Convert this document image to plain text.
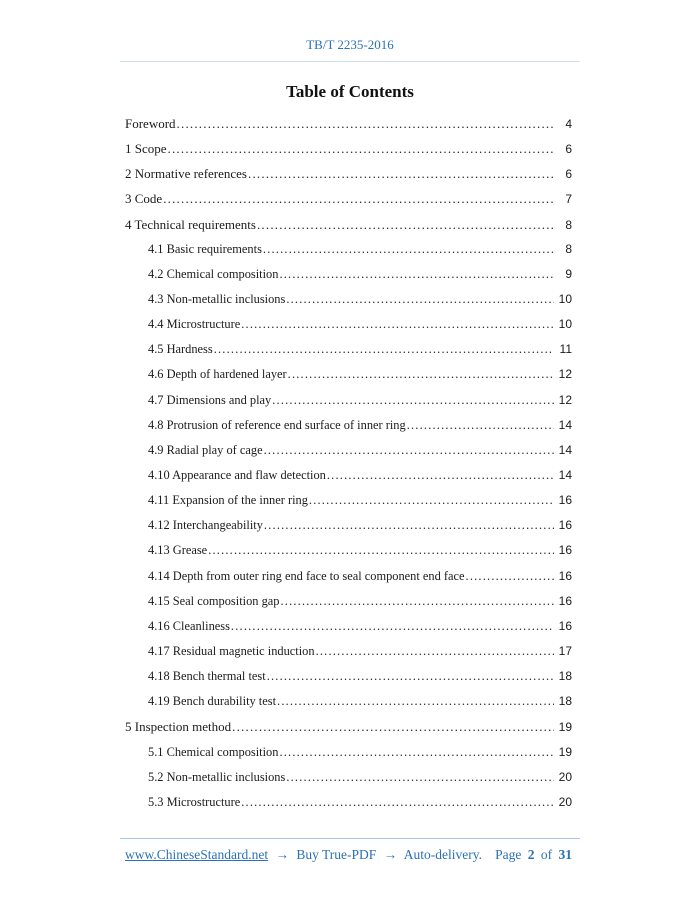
TB/T 2235-2016
Table of Contents
Foreword .....	4
1 Scope .....	6
2 Normative references .....	6
3 Code .....	7
4 Technical requirements .....	8
4.1 Basic requirements .....	8
4.2 Chemical composition .....	9
4.3 Non-metallic inclusions .....	10
4.4 Microstructure .....	10
4.5 Hardness .....	11
4.6 Depth of hardened layer .....	12
4.7 Dimensions and play .....	12
4.8 Protrusion of reference end surface of inner ring .....	14
4.9 Radial play of cage .....	14
4.10 Appearance and flaw detection .....	14
4.11 Expansion of the inner ring .....	16
4.12 Interchangeability .....	16
4.13 Grease .....	16
4.14 Depth from outer ring end face to seal component end face .....	16
4.15 Seal composition gap .....	16
4.16 Cleanliness .....	16
4.17 Residual magnetic induction .....	17
4.18 Bench thermal test .....	18
4.19 Bench durability test .....	18
5 Inspection method .....	19
5.1 Chemical composition .....	19
5.2 Non-metallic inclusions .....	20
5.3 Microstructure .....	20
www.ChineseStandard.net → Buy True-PDF → Auto-delivery. Page 2 of 31
